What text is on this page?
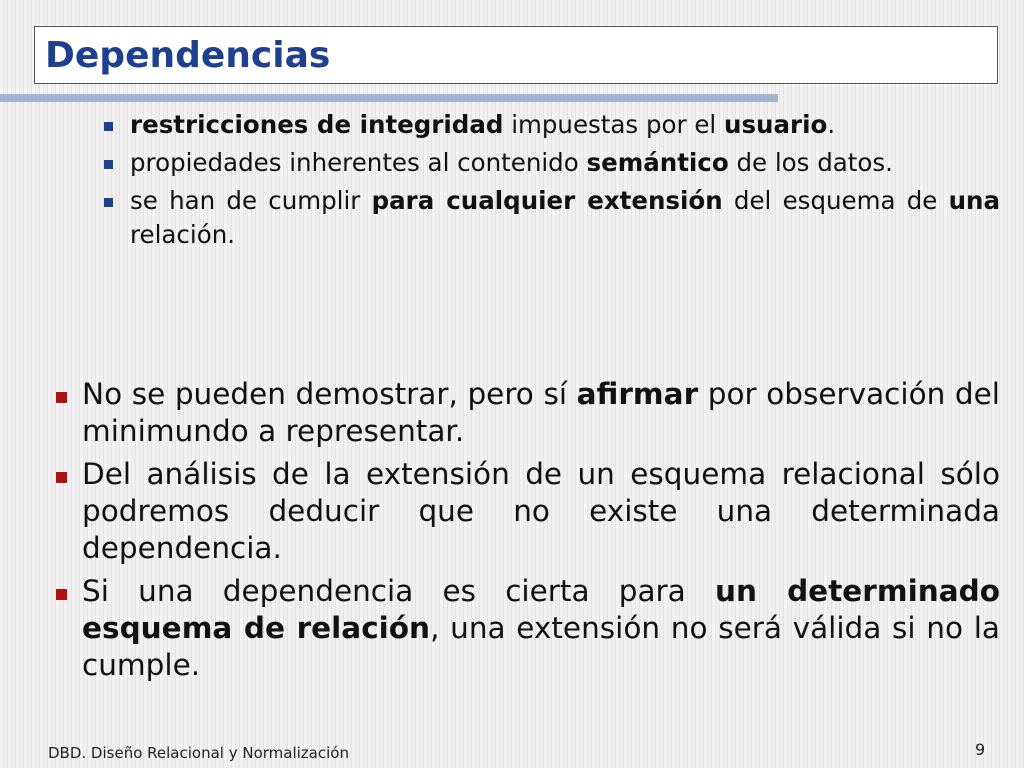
Dependencias
restricciones de integridad impuestas por el usuario.
propiedades inherentes al contenido semántico de los datos.
se han de cumplir para cualquier extensión del esquema de una relación.
No se pueden demostrar, pero sí afirmar por observación del minimundo a representar.
Del análisis de la extensión de un esquema relacional sólo podremos deducir que no existe una determinada dependencia.
Si una dependencia es cierta para un determinado esquema de relación, una extensión no será válida si no la cumple.
DBD. Diseño Relacional y Normalización	9
